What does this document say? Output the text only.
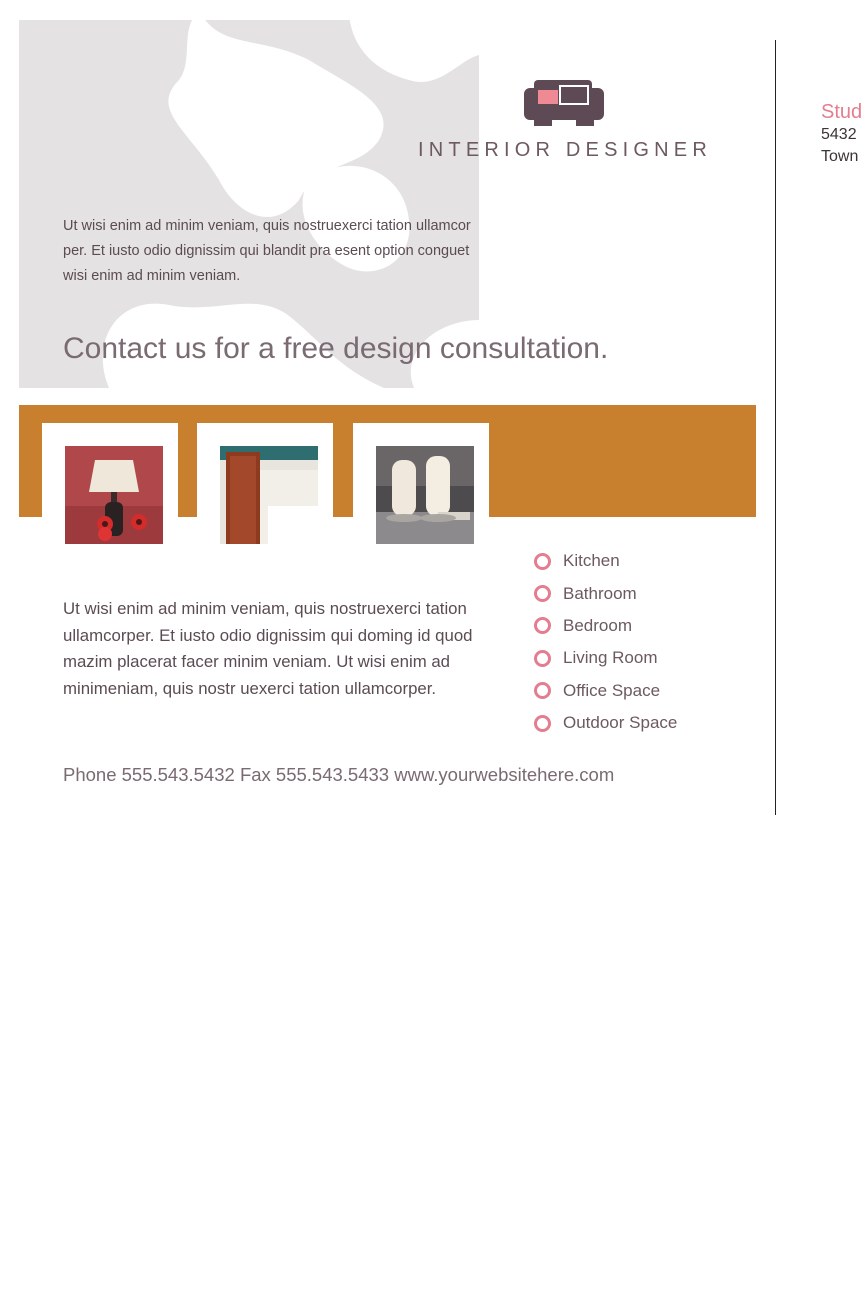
INTERIOR DESIGNER
Ut wisi enim ad minim veniam, quis nostruexerci tation ullamcor per. Et iusto odio dignissim qui blandit pra esent option conguet wisi enim ad minim veniam.
Contact us for a free design consultation.
Ut wisi enim ad minim veniam, quis nostruexerci tation ullamcorper. Et iusto odio dignissim qui doming id quod mazim placerat facer minim veniam. Ut wisi enim ad minimeniam, quis nostr uexerci tation ullamcorper.
Kitchen
Bathroom
Bedroom
Living Room
Office Space
Outdoor Space
Phone 555.543.5432 Fax 555.543.5433 www.yourwebsitehere.com
Stud
5432
Town
